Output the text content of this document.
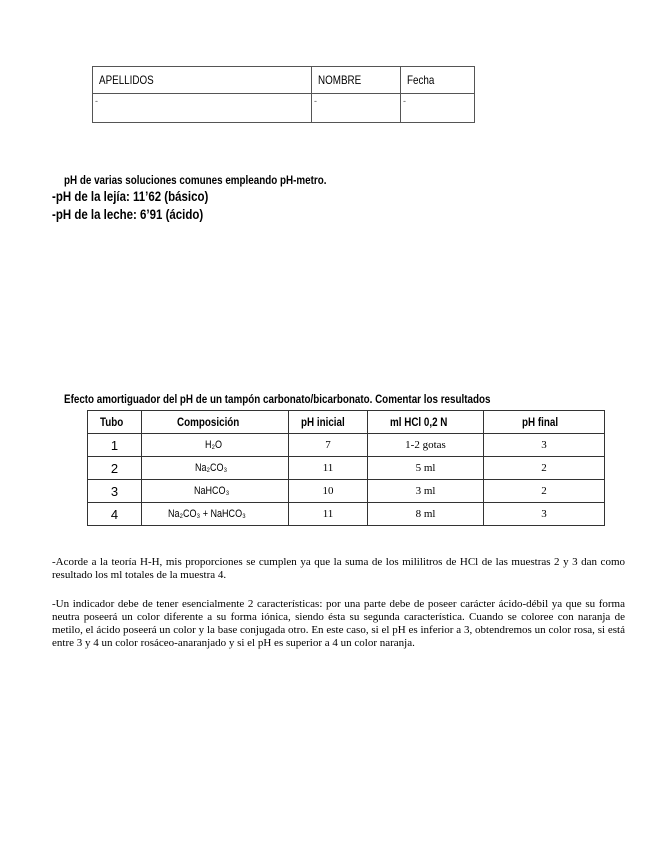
APELLIDOS	NOMBRE	Fecha
-	-	-
pH de varias soluciones comunes empleando pH-metro.
-pH de la lejía: 11’62 (básico)
-pH de la leche: 6’91 (ácido)
Efecto amortiguador del pH de un tampón carbonato/bicarbonato. Comentar los resultados
Tubo	Composición	pH inicial	ml HCl 0,2 N	pH final
1	H₂O	7	1-2 gotas	3
2	Na₂CO₃	11	5 ml	2
3	NaHCO₃	10	3 ml	2
4	Na₂CO₃ + NaHCO₃	11	8 ml	3
-Acorde a la teoría H-H, mis proporciones se cumplen ya que la suma de los mililitros de HCl de las muestras 2 y 3 dan como resultado los ml totales de la muestra 4.
-Un indicador debe de tener esencialmente 2 características: por una parte debe de poseer carácter ácido-débil ya que su forma neutra poseerá un color diferente a su forma iónica, siendo ésta su segunda característica. Cuando se coloree con naranja de metilo, el ácido poseerá un color y la base conjugada otro. En este caso, si el pH es inferior a 3, obtendremos un color rosa, si está entre 3 y 4 un color rosáceo-anaranjado y si el pH es superior a 4 un color naranja.
